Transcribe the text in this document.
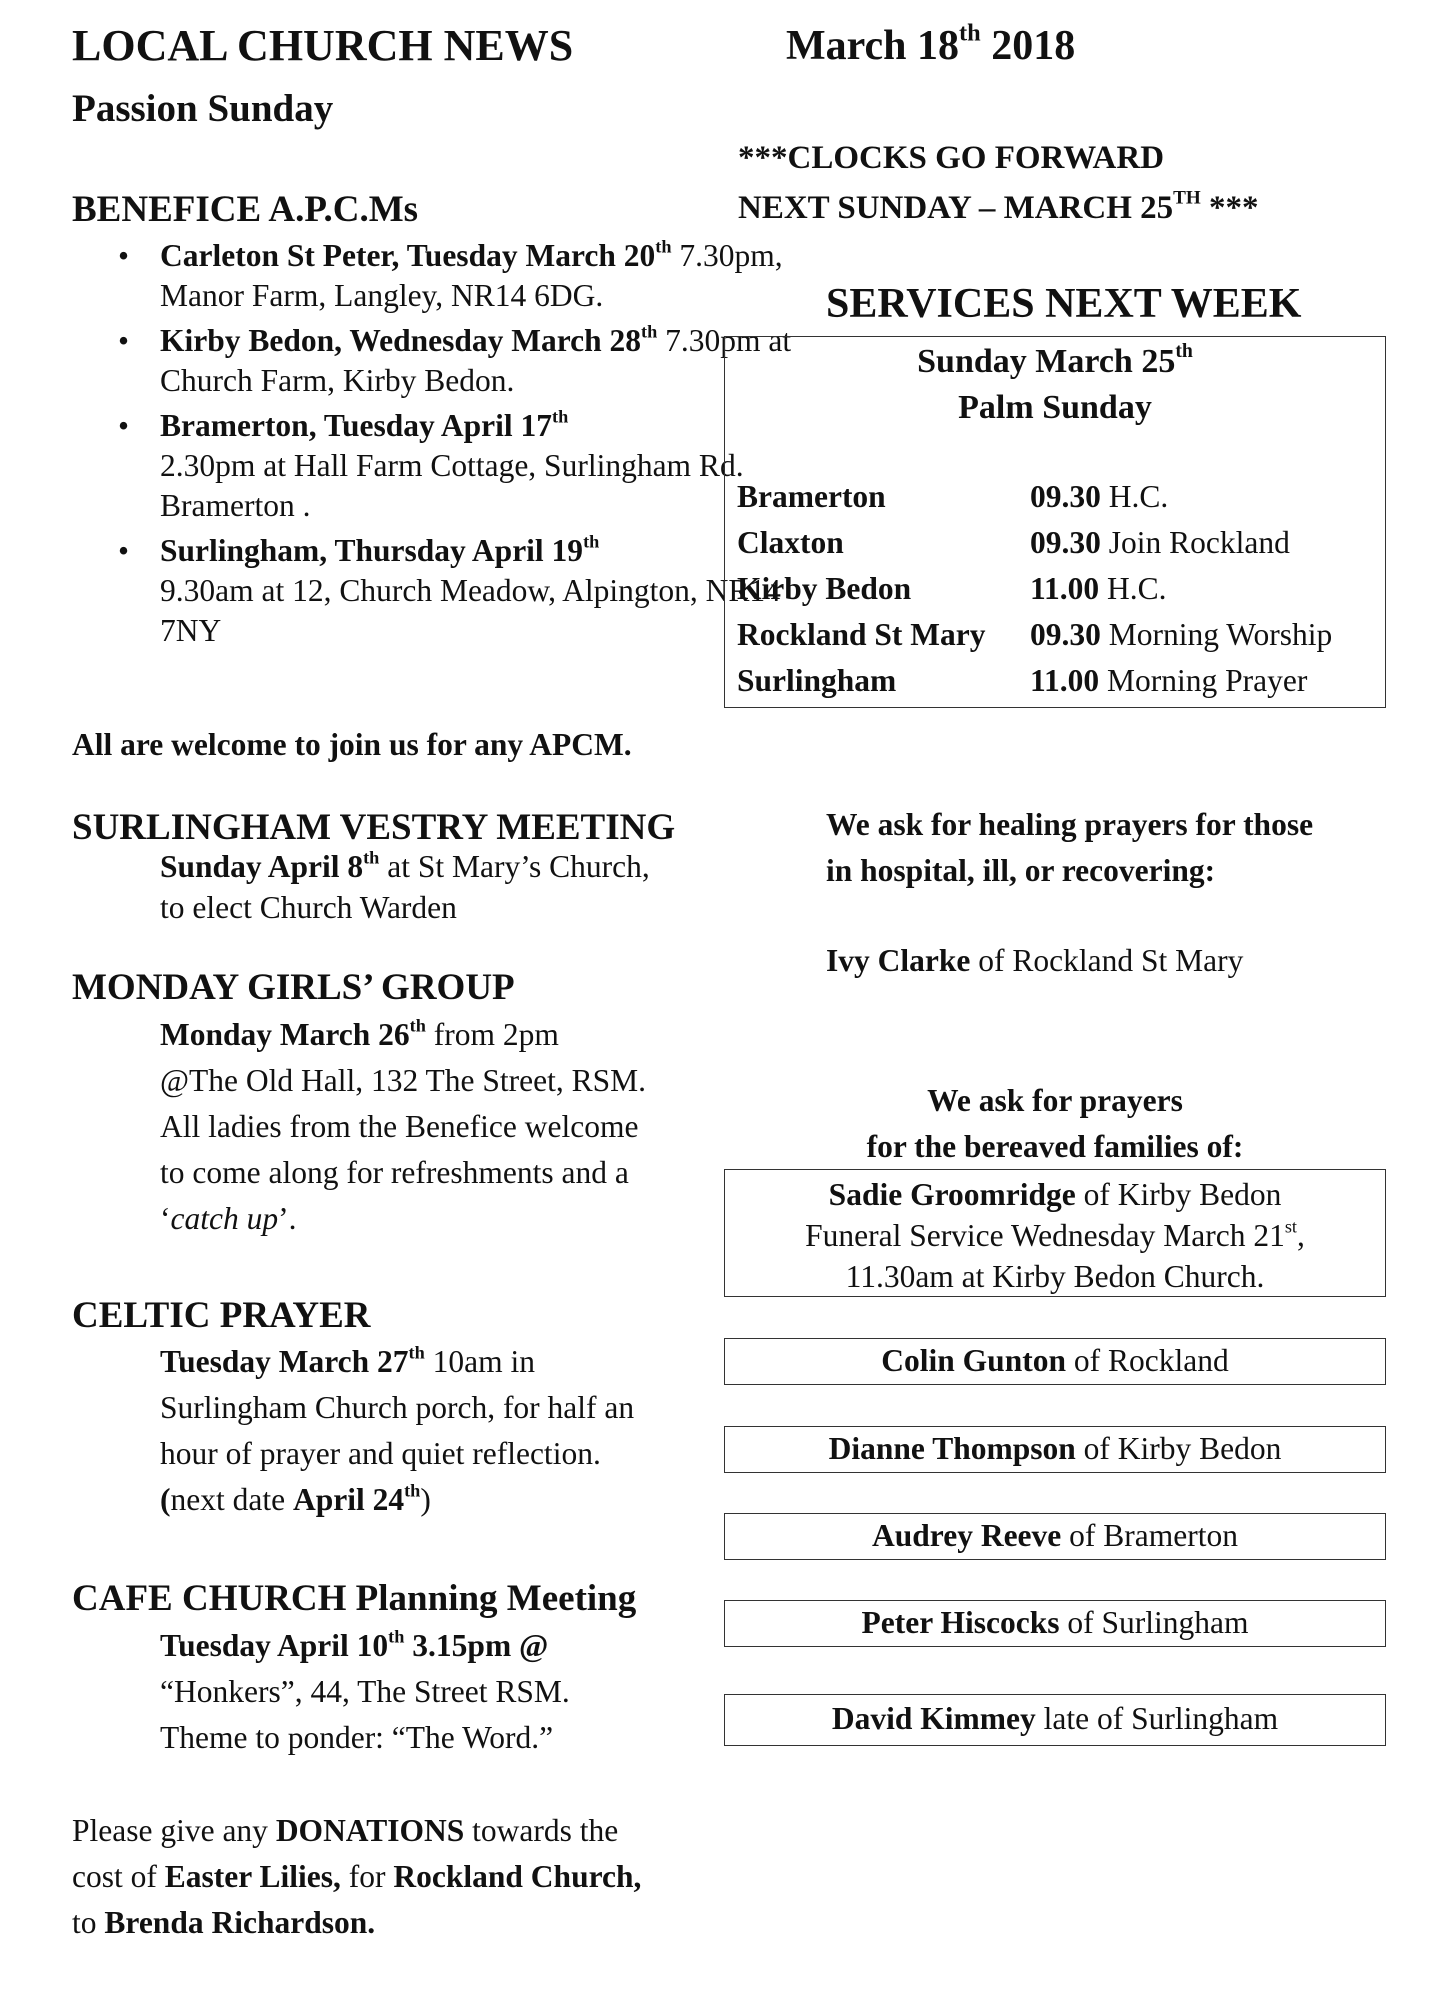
LOCAL CHURCH NEWS
Passion Sunday
BENEFICE A.P.C.Ms
• Carleton St Peter, Tuesday March 20th 7.30pm, Manor Farm, Langley, NR14 6DG.
• Kirby Bedon, Wednesday March 28th 7.30pm at Church Farm, Kirby Bedon.
• Bramerton, Tuesday April 17th
2.30pm at Hall Farm Cottage, Surlingham Rd. Bramerton .
• Surlingham, Thursday April 19th
9.30am at 12, Church Meadow, Alpington, NR14 7NY
All are welcome to join us for any APCM.
SURLINGHAM VESTRY MEETING
Sunday April 8th at St Mary’s Church,
to elect Church Warden
MONDAY GIRLS’ GROUP
Monday March 26th from 2pm
@The Old Hall, 132 The Street, RSM.
All ladies from the Benefice welcome
to come along for refreshments and a
‘catch up’.
CELTIC PRAYER
Tuesday March 27th 10am in
Surlingham Church porch, for half an
hour of prayer and quiet reflection.
(next date April 24th)
CAFE CHURCH Planning Meeting
Tuesday April 10th 3.15pm @
“Honkers”, 44, The Street RSM.
Theme to ponder: “The Word.”
Please give any DONATIONS towards the
cost of Easter Lilies, for Rockland Church,
to Brenda Richardson.
March 18th 2018
***CLOCKS GO FORWARD
NEXT SUNDAY – MARCH 25TH ***
SERVICES NEXT WEEK
Sunday March 25th
Palm Sunday
Bramerton	09.30 H.C.
Claxton	09.30 Join Rockland
Kirby Bedon	11.00 H.C.
Rockland St Mary	09.30 Morning Worship
Surlingham	11.00 Morning Prayer
We ask for healing prayers for those
in hospital, ill, or recovering:
Ivy Clarke of Rockland St Mary
We ask for prayers
for the bereaved families of:
Sadie Groomridge of Kirby Bedon
Funeral Service Wednesday March 21st,
11.30am at Kirby Bedon Church.
Colin Gunton of Rockland
Dianne Thompson of Kirby Bedon
Audrey Reeve of Bramerton
Peter Hiscocks of Surlingham
David Kimmey late of Surlingham
